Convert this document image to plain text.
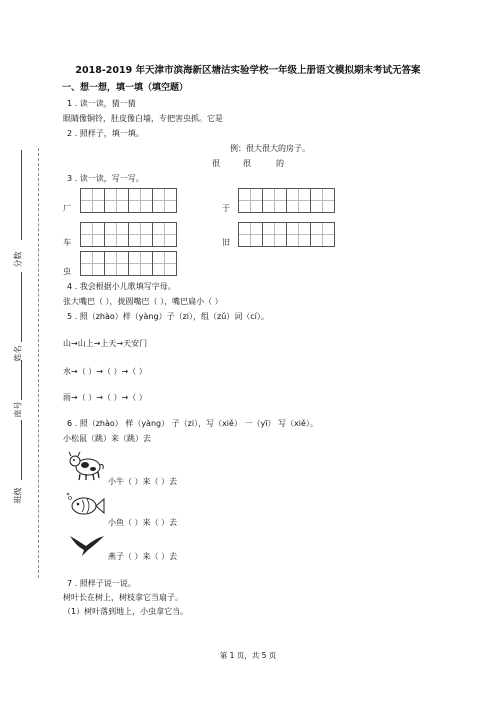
分数
姓名
座号
班级
2018-2019 年天津市滨海新区塘沽实验学校一年级上册语文模拟期末考试无答案
一、想一想，填一填（填空题）
1 . 读一读，猜一猜
眼睛像铜铃，肚皮像白墙，专把害虫抓。它是
2 . 照样子，填一填。
例：很大很大的房子。
很	很	的
3 . 读一读，写一写。
厂	于
车	旧
虫
4 . 我会根据小儿歌填写字母。
张大嘴巴（ ），拢圆嘴巴（ ），嘴巴扁小（ ）
5 . 照（zhào）样（yàng）子（zi），组（zǔ）词（cí）。
山→山上→上天→天安门
水→（ ）→（ ）→（ ）
雨→（ ）→（ ）→（ ）
6 . 照（zhào） 样（yàng） 子（zi），写（xiě） 一（yī） 写（xiě）。
小松鼠（跳）来（跳）去
小牛（ ）来（ ）去
小鱼（ ）来（ ）去
燕子（ ）来（ ）去
7 . 照样子说一说。
树叶长在树上，树枝拿它当扇子。
（1）树叶落到地上，小虫拿它当。
第 1 页，共 5 页
